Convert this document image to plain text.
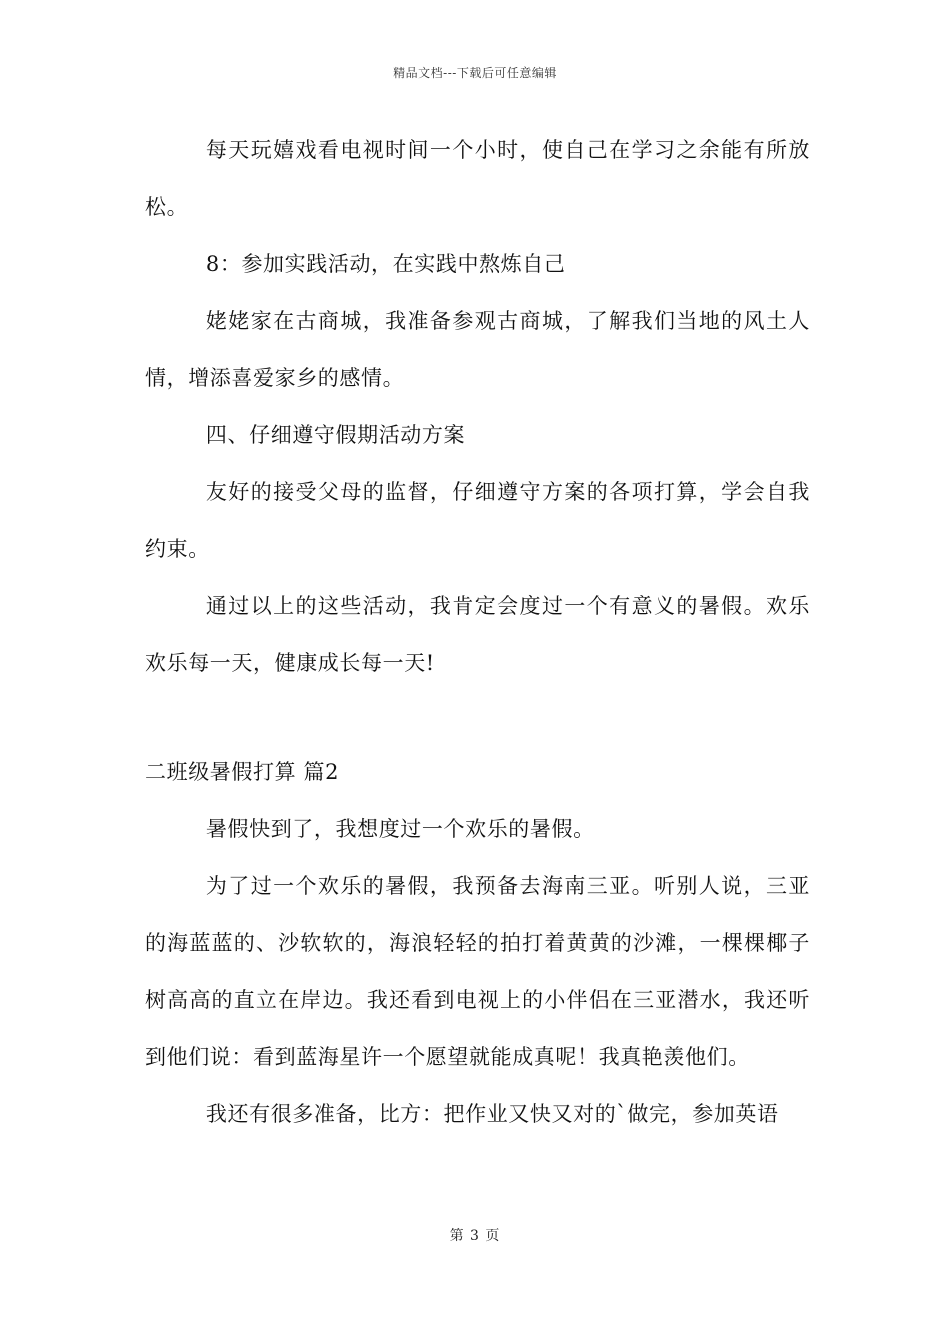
精品文档---下载后可任意编辑

每天玩嬉戏看电视时间一个小时，使自己在学习之余能有所放松。

8：参加实践活动，在实践中熬炼自己

姥姥家在古商城，我准备参观古商城，了解我们当地的风土人情，增添喜爱家乡的感情。

四、仔细遵守假期活动方案

友好的接受父母的监督，仔细遵守方案的各项打算，学会自我约束。

通过以上的这些活动，我肯定会度过一个有意义的暑假。欢乐欢乐每一天，健康成长每一天!

二班级暑假打算 篇2

暑假快到了，我想度过一个欢乐的暑假。

为了过一个欢乐的暑假，我预备去海南三亚。听别人说，三亚的海蓝蓝的、沙软软的，海浪轻轻的拍打着黄黄的沙滩，一棵棵椰子树高高的直立在岸边。我还看到电视上的小伴侣在三亚潜水，我还听到他们说：看到蓝海星许一个愿望就能成真呢！我真艳羡他们。

我还有很多准备，比方：把作业又快又对的`做完，参加英语

第 3 页
